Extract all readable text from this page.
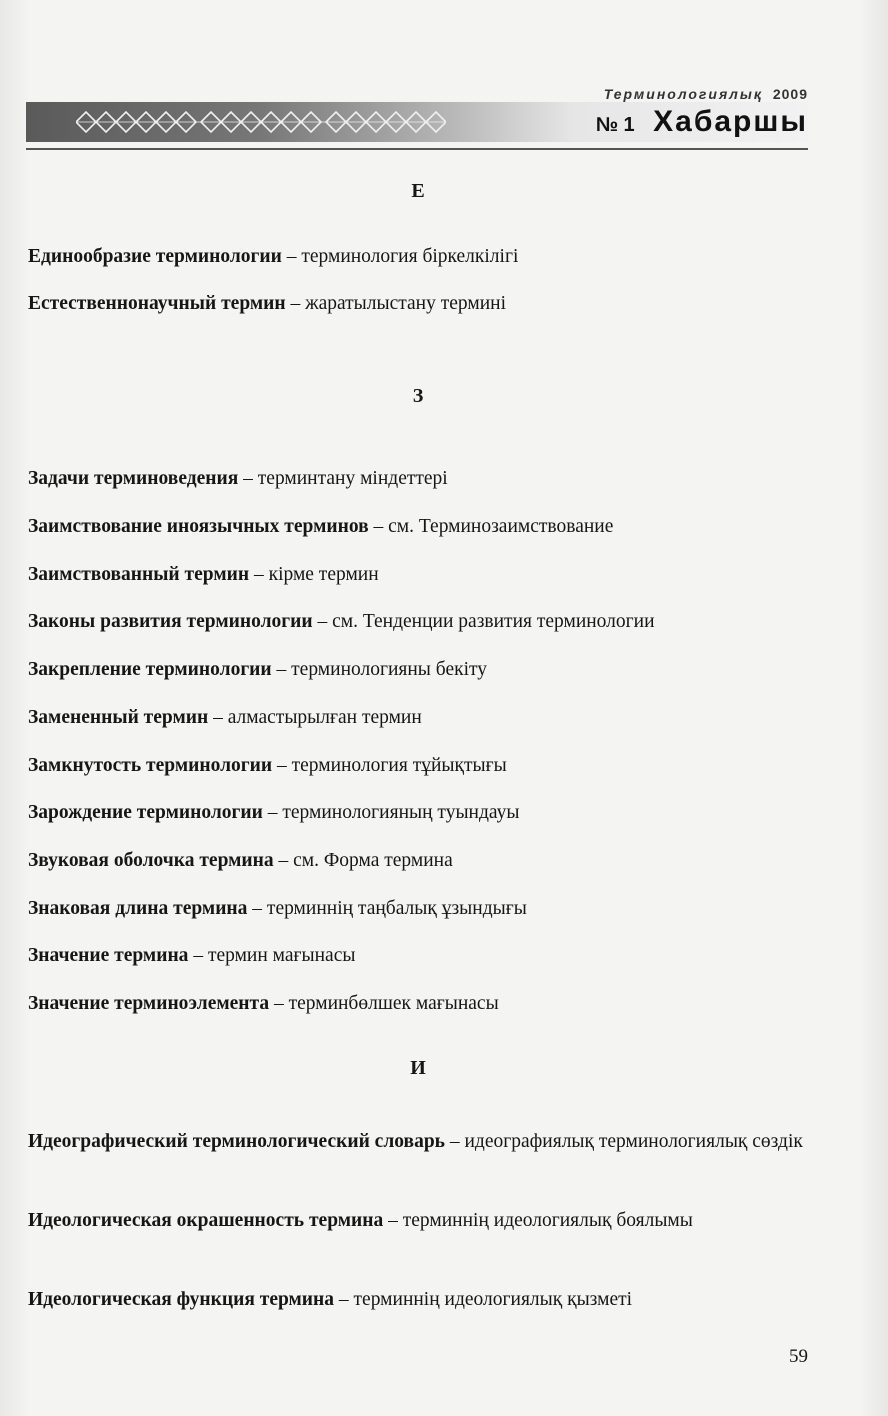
Терминологиялық 2009
№ 1 Хабаршы
Е
Единообразие терминологии – терминология біркелкілігі
Естественнонаучный термин – жаратылыстану термині
З
Задачи терминоведения – терминтану міндеттері
Заимствование иноязычных терминов – см. Терминозаимствование
Заимствованный термин – кірме термин
Законы развития терминологии – см. Тенденции развития терминологии
Закрепление терминологии – терминологияны бекіту
Замененный термин – алмастырылған термин
Замкнутость терминологии – терминология тұйықтығы
Зарождение терминологии – терминологияның туындауы
Звуковая оболочка термина – см. Форма термина
Знаковая длина термина – терминнің таңбалық ұзындығы
Значение термина – термин мағынасы
Значение терминоэлемента – терминбөлшек мағынасы
И
Идеографический терминологический словарь – идеографиялық терминологиялық сөздік
Идеологическая окрашенность термина – терминнің идеологиялық боялымы
Идеологическая функция термина – терминнің идеологиялық қызметі
59
